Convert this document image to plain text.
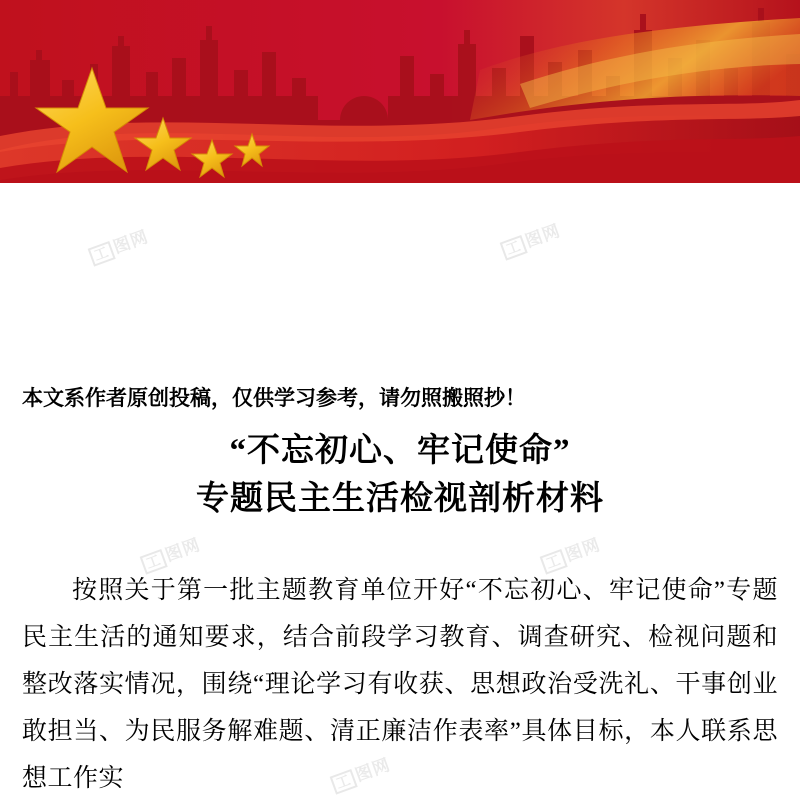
工图网	工图网
工图网	工图网
工图网
本文系作者原创投稿，仅供学习参考，请勿照搬照抄！
“不忘初心、牢记使命”
专题民主生活检视剖析材料
按照关于第一批主题教育单位开好“不忘初心、牢记使命”专题民主生活的通知要求，结合前段学习教育、调查研究、检视问题和整改落实情况，围绕“理论学习有收获、思想政治受洗礼、干事创业敢担当、为民服务解难题、清正廉洁作表率”具体目标，本人联系思想工作实
